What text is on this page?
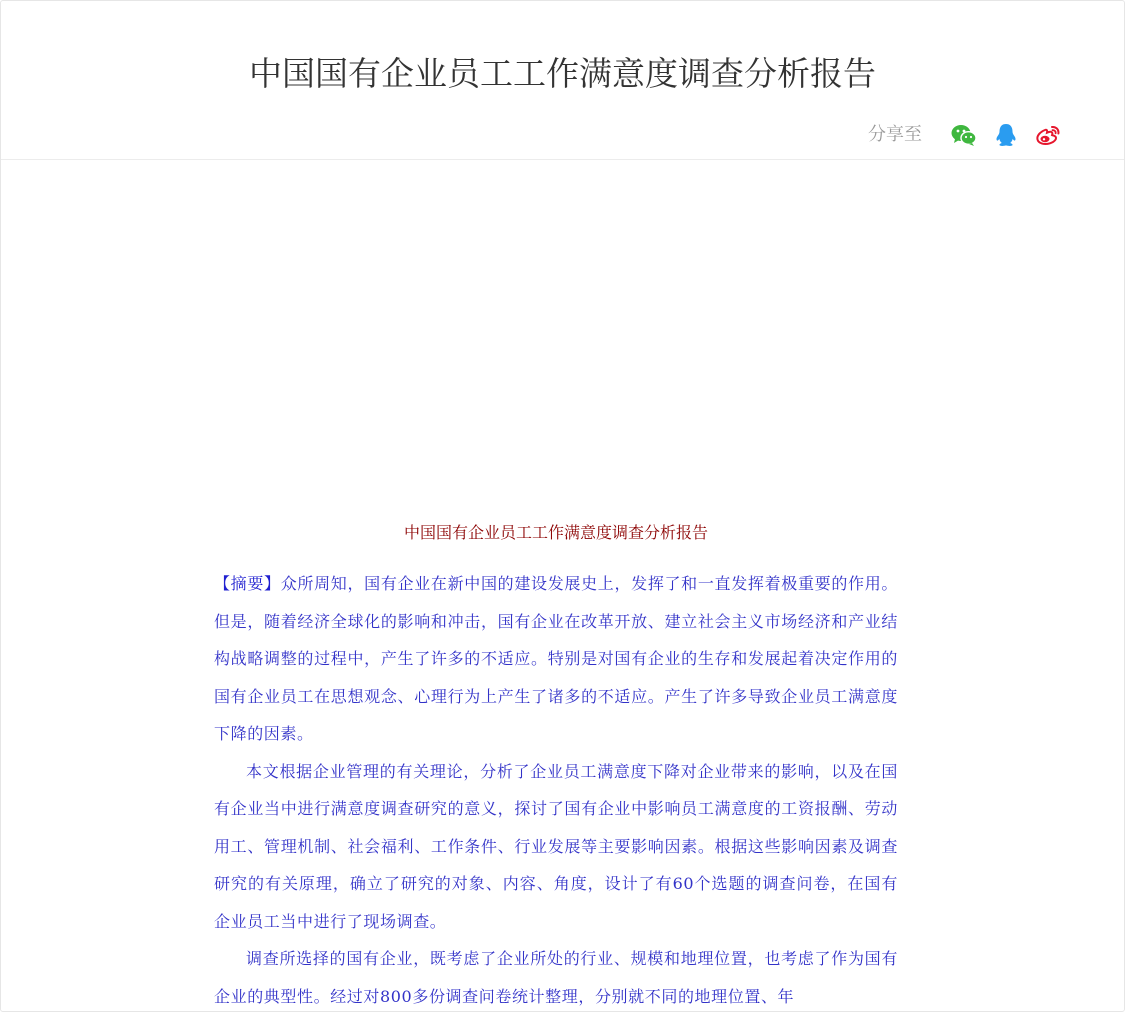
中国国有企业员工工作满意度调查分析报告
分享至
中国国有企业员工工作满意度调查分析报告

【摘要】众所周知，国有企业在新中国的建设发展史上，发挥了和一直发挥着极重要的作用。但是，随着经济全球化的影响和冲击，国有企业在改革开放、建立社会主义市场经济和产业结构战略调整的过程中，产生了许多的不适应。特别是对国有企业的生存和发展起着决定作用的国有企业员工在思想观念、心理行为上产生了诸多的不适应。产生了许多导致企业员工满意度下降的因素。

本文根据企业管理的有关理论，分析了企业员工满意度下降对企业带来的影响，以及在国有企业当中进行满意度调查研究的意义，探讨了国有企业中影响员工满意度的工资报酬、劳动用工、管理机制、社会福利、工作条件、行业发展等主要影响因素。根据这些影响因素及调查研究的有关原理，确立了研究的对象、内容、角度，设计了有60个选题的调查问卷，在国有企业员工当中进行了现场调查。

调查所选择的国有企业，既考虑了企业所处的行业、规模和地理位置，也考虑了作为国有企业的典型性。经过对800多份调查问卷统计整理，分别就不同的地理位置、年
